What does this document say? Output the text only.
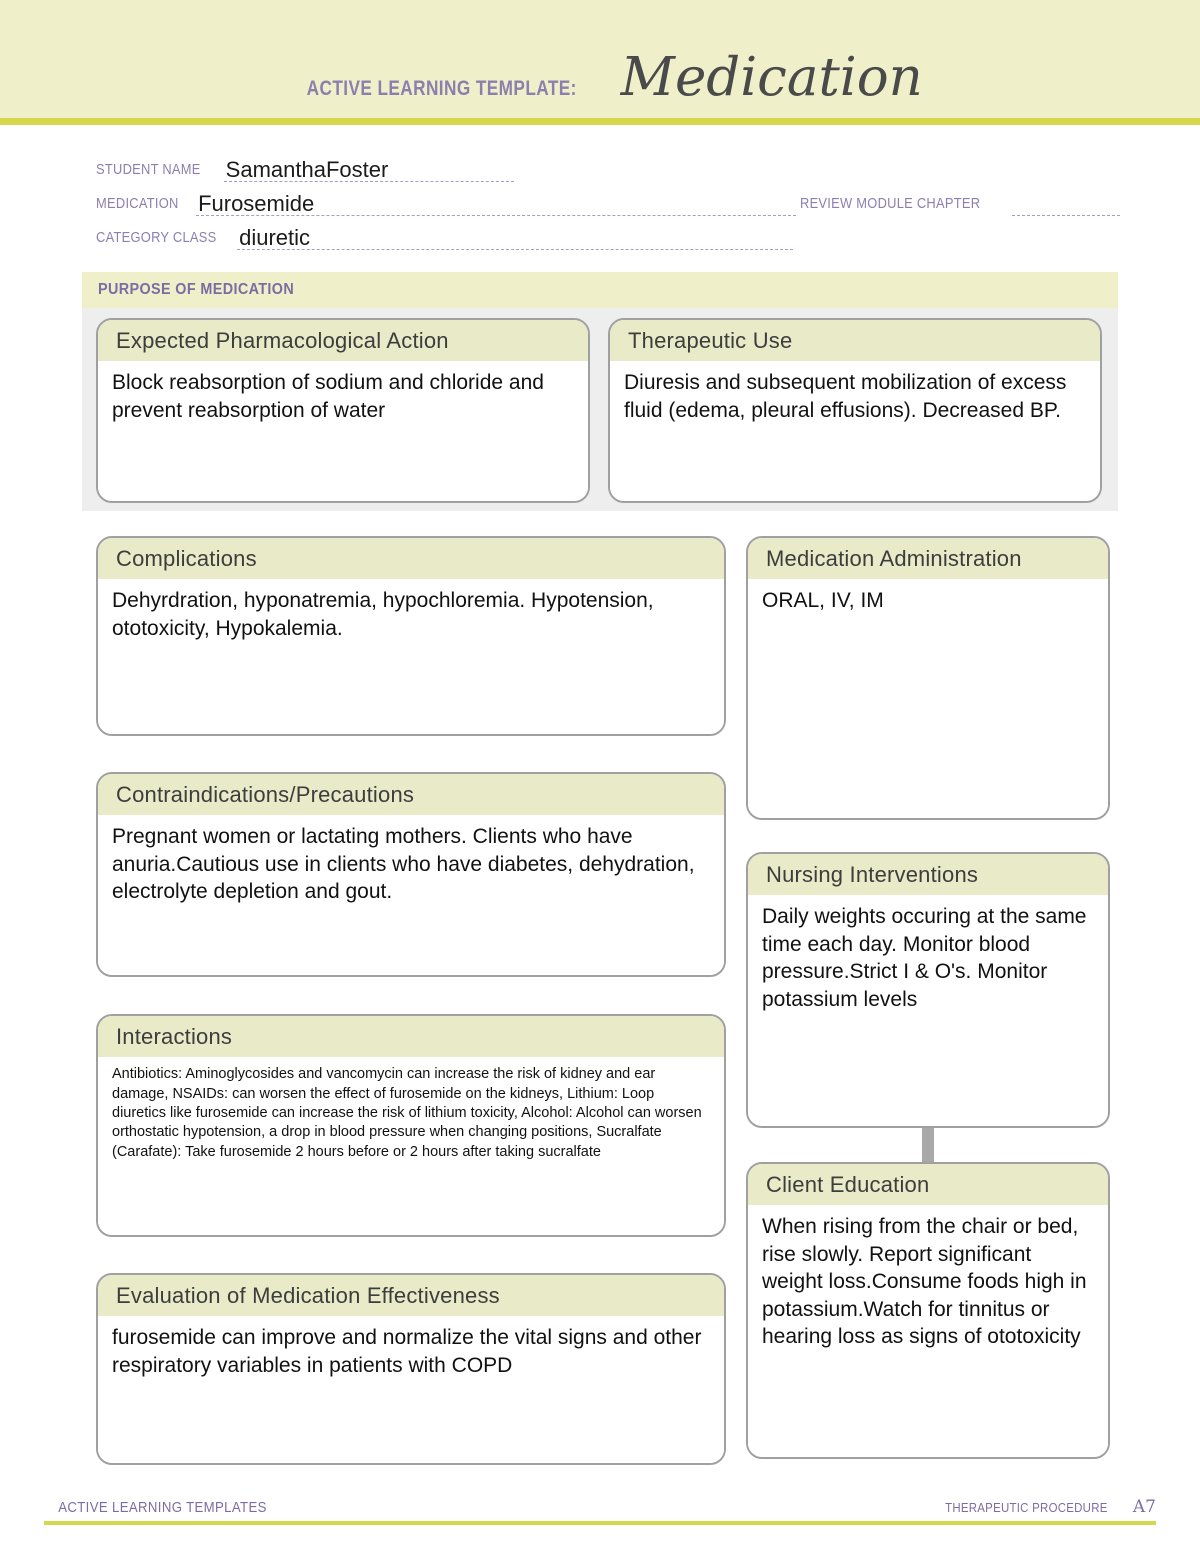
ACTIVE LEARNING TEMPLATE: Medication
STUDENT NAME SamanthaFoster
MEDICATION Furosemide	REVIEW MODULE CHAPTER
CATEGORY CLASS diuretic
PURPOSE OF MEDICATION
Expected Pharmacological Action
Block reabsorption of sodium and chloride and prevent reabsorption of water
Therapeutic Use
Diuresis and subsequent mobilization of excess fluid (edema, pleural effusions). Decreased BP.
Complications
Dehyrdration, hyponatremia, hypochloremia. Hypotension, ototoxicity, Hypokalemia.
Contraindications/Precautions
Pregnant women or lactating mothers. Clients who have anuria.Cautious use in clients who have diabetes, dehydration, electrolyte depletion and gout.
Interactions
Antibiotics: Aminoglycosides and vancomycin can increase the risk of kidney and ear damage, NSAIDs: can worsen the effect of furosemide on the kidneys, Lithium: Loop diuretics like furosemide can increase the risk of lithium toxicity, Alcohol: Alcohol can worsen orthostatic hypotension, a drop in blood pressure when changing positions, Sucralfate (Carafate): Take furosemide 2 hours before or 2 hours after taking sucralfate
Evaluation of Medication Effectiveness
furosemide can improve and normalize the vital signs and other respiratory variables in patients with COPD
Medication Administration
ORAL, IV, IM
Nursing Interventions
Daily weights occuring at the same time each day. Monitor blood pressure.Strict I & O's. Monitor potassium levels
Client Education
When rising from the chair or bed, rise slowly. Report significant weight loss.Consume foods high in potassium.Watch for tinnitus or hearing loss as signs of ototoxicity
ACTIVE LEARNING TEMPLATES	THERAPEUTIC PROCEDURE A7
